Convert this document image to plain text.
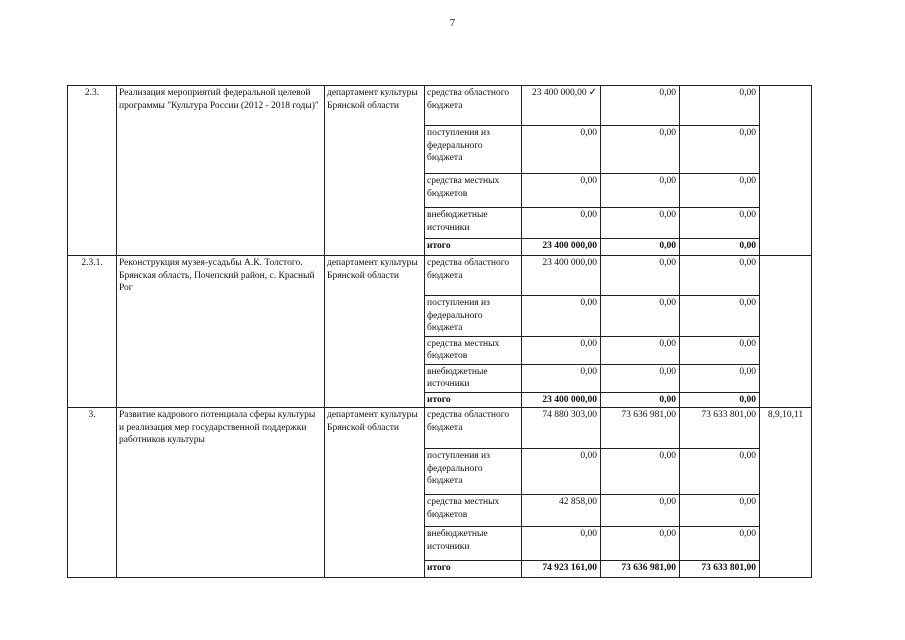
7
2.3.	Реализация мероприятий федеральной целевой программы "Культура России (2012 - 2018 годы)"	департамент культуры Брянской области	средства областного бюджета	23 400 000,00 ✓	0,00	0,00	
			поступления из федерального бюджета	0,00	0,00	0,00	
			средства местных бюджетов	0,00	0,00	0,00	
			внебюджетные источники	0,00	0,00	0,00	
			итого	23 400 000,00	0,00	0,00	
2.3.1.	Реконструкция музея-усадьбы А.К. Толстого. Брянская область, Почепский район, с. Красный Рог	департамент культуры Брянской области	средства областного бюджета	23 400 000,00	0,00	0,00	
			поступления из федерального бюджета	0,00	0,00	0,00	
			средства местных бюджетов	0,00	0,00	0,00	
			внебюджетные источники	0,00	0,00	0,00	
			итого	23 400 000,00	0,00	0,00	
3.	Развитие кадрового потенциала сферы культуры и реализация мер государственной поддержки работников культуры	департамент культуры Брянской области	средства областного бюджета	74 880 303,00	73 636 981,00	73 633 801,00	8,9,10,11
			поступления из федерального бюджета	0,00	0,00	0,00	
			средства местных бюджетов	42 858,00	0,00	0,00	
			внебюджетные источники	0,00	0,00	0,00	
			итого	74 923 161,00	73 636 981,00	73 633 801,00	
